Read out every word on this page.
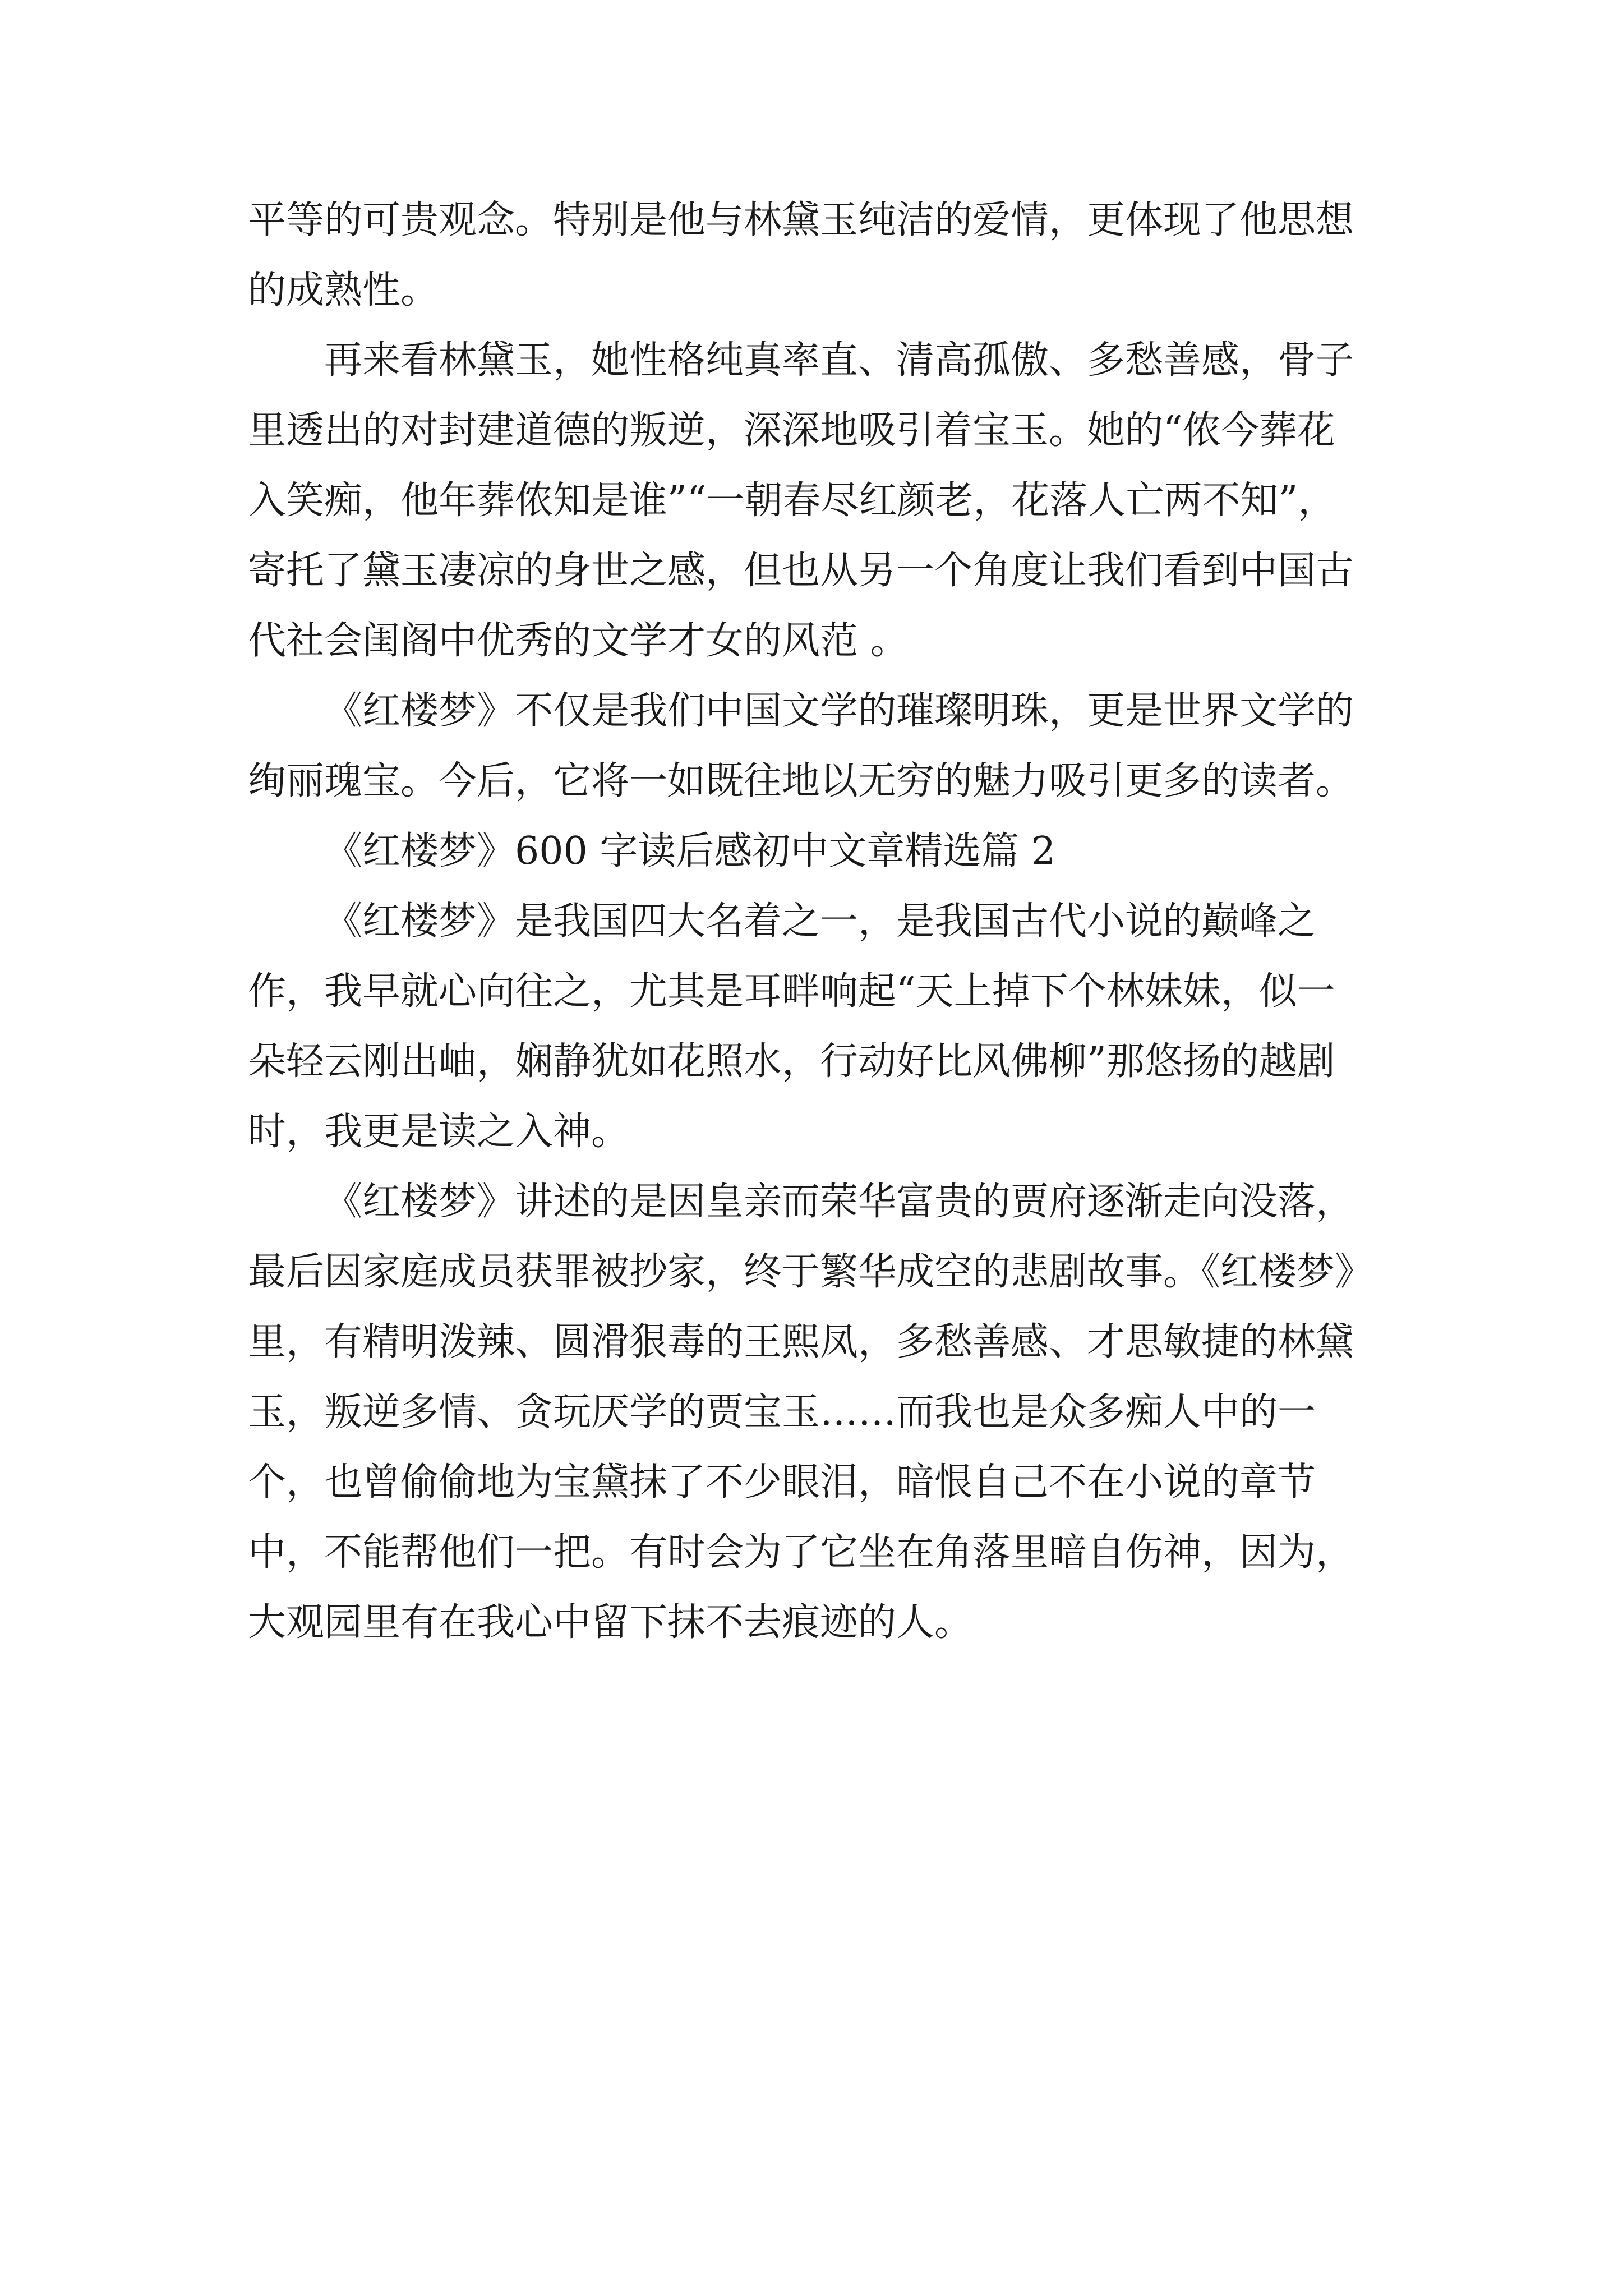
平等的可贵观念。特别是他与林黛玉纯洁的爱情，更体现了他思想的成熟性。

再来看林黛玉，她性格纯真率直、清高孤傲、多愁善感，骨子里透出的对封建道德的叛逆，深深地吸引着宝玉。她的“侬今葬花入笑痴，他年葬侬知是谁”“一朝春尽红颜老，花落人亡两不知”，寄托了黛玉凄凉的身世之感，但也从另一个角度让我们看到中国古代社会闺阁中优秀的文学才女的风范 。

《红楼梦》不仅是我们中国文学的璀璨明珠，更是世界文学的绚丽瑰宝。今后，它将一如既往地以无穷的魅力吸引更多的读者。

《红楼梦》600 字读后感初中文章精选篇 2

《红楼梦》是我国四大名着之一，是我国古代小说的巅峰之作，我早就心向往之，尤其是耳畔响起“天上掉下个林妹妹，似一朵轻云刚出岫，娴静犹如花照水，行动好比风佛柳”那悠扬的越剧时，我更是读之入神。

《红楼梦》讲述的是因皇亲而荣华富贵的贾府逐渐走向没落，最后因家庭成员获罪被抄家，终于繁华成空的悲剧故事。《红楼梦》里，有精明泼辣、圆滑狠毒的王熙凤，多愁善感、才思敏捷的林黛玉，叛逆多情、贪玩厌学的贾宝玉……而我也是众多痴人中的一个，也曾偷偷地为宝黛抹了不少眼泪，暗恨自己不在小说的章节中，不能帮他们一把。有时会为了它坐在角落里暗自伤神，因为，大观园里有在我心中留下抹不去痕迹的人。
